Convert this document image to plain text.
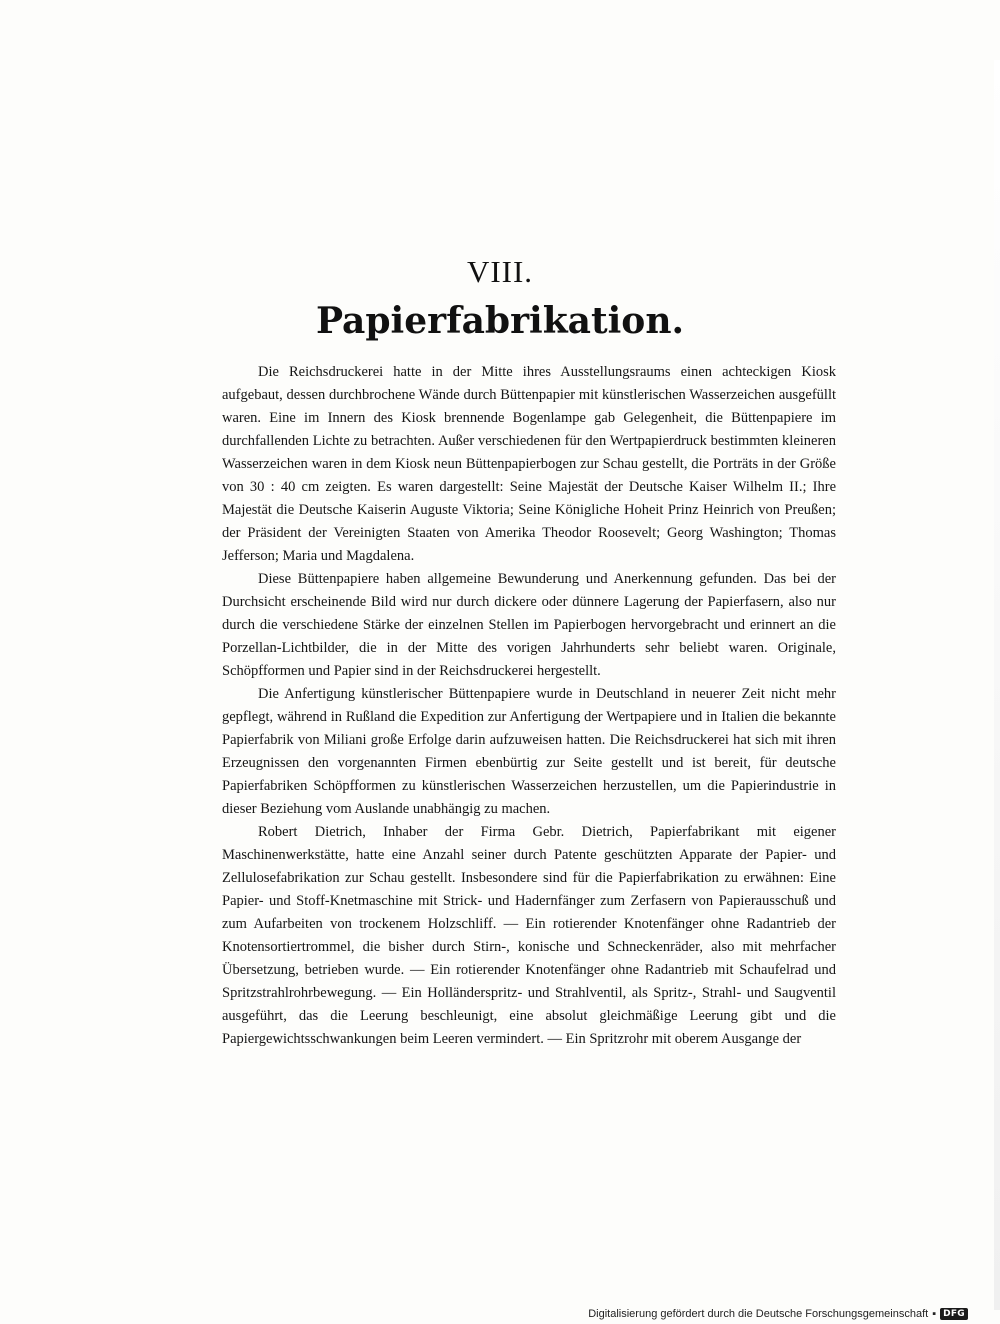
VIII.
Papierfabrikation.

Die Reichsdruckerei hatte in der Mitte ihres Ausstellungsraums einen achteckigen Kiosk aufgebaut, dessen durchbrochene Wände durch Büttenpapier mit künstlerischen Wasserzeichen ausgefüllt waren. Eine im Innern des Kiosk brennende Bogenlampe gab Gelegenheit, die Büttenpapiere im durchfallenden Lichte zu betrachten. Außer verschiedenen für den Wertpapierdruck bestimmten kleineren Wasserzeichen waren in dem Kiosk neun Büttenpapierbogen zur Schau gestellt, die Porträts in der Größe von 30 : 40 cm zeigten. Es waren dargestellt: Seine Majestät der Deutsche Kaiser Wilhelm II.; Ihre Majestät die Deutsche Kaiserin Auguste Viktoria; Seine Königliche Hoheit Prinz Heinrich von Preußen; der Präsident der Vereinigten Staaten von Amerika Theodor Roosevelt; Georg Washington; Thomas Jefferson; Maria und Magdalena.

Diese Büttenpapiere haben allgemeine Bewunderung und Anerkennung gefunden. Das bei der Durchsicht erscheinende Bild wird nur durch dickere oder dünnere Lagerung der Papierfasern, also nur durch die verschiedene Stärke der einzelnen Stellen im Papierbogen hervorgebracht und erinnert an die Porzellan-Lichtbilder, die in der Mitte des vorigen Jahrhunderts sehr beliebt waren. Originale, Schöpfformen und Papier sind in der Reichsdruckerei hergestellt.

Die Anfertigung künstlerischer Büttenpapiere wurde in Deutschland in neuerer Zeit nicht mehr gepflegt, während in Rußland die Expedition zur Anfertigung der Wertpapiere und in Italien die bekannte Papierfabrik von Miliani große Erfolge darin aufzuweisen hatten. Die Reichsdruckerei hat sich mit ihren Erzeugnissen den vorgenannten Firmen ebenbürtig zur Seite gestellt und ist bereit, für deutsche Papierfabriken Schöpfformen zu künstlerischen Wasserzeichen herzustellen, um die Papierindustrie in dieser Beziehung vom Auslande unabhängig zu machen.

Robert Dietrich, Inhaber der Firma Gebr. Dietrich, Papierfabrikant mit eigener Maschinenwerkstätte, hatte eine Anzahl seiner durch Patente geschützten Apparate der Papier- und Zellulosefabrikation zur Schau gestellt. Insbesondere sind für die Papierfabrikation zu erwähnen: Eine Papier- und Stoff-Knetmaschine mit Strick- und Hadernfänger zum Zerfasern von Papierausschuß und zum Aufarbeiten von trockenem Holzschliff. — Ein rotierender Knotenfänger ohne Radantrieb der Knotensortiertrommel, die bisher durch Stirn-, konische und Schneckenräder, also mit mehrfacher Übersetzung, betrieben wurde. — Ein rotierender Knotenfänger ohne Radantrieb mit Schaufelrad und Spritzstrahlrohrbewegung. — Ein Holländerspritz- und Strahlventil, als Spritz-, Strahl- und Saugventil ausgeführt, das die Leerung beschleunigt, eine absolut gleichmäßige Leerung gibt und die Papiergewichtsschwankungen beim Leeren vermindert. — Ein Spritzrohr mit oberem Ausgange der

Digitalisierung gefördert durch die Deutsche Forschungsgemeinschaft ▪ DFG
